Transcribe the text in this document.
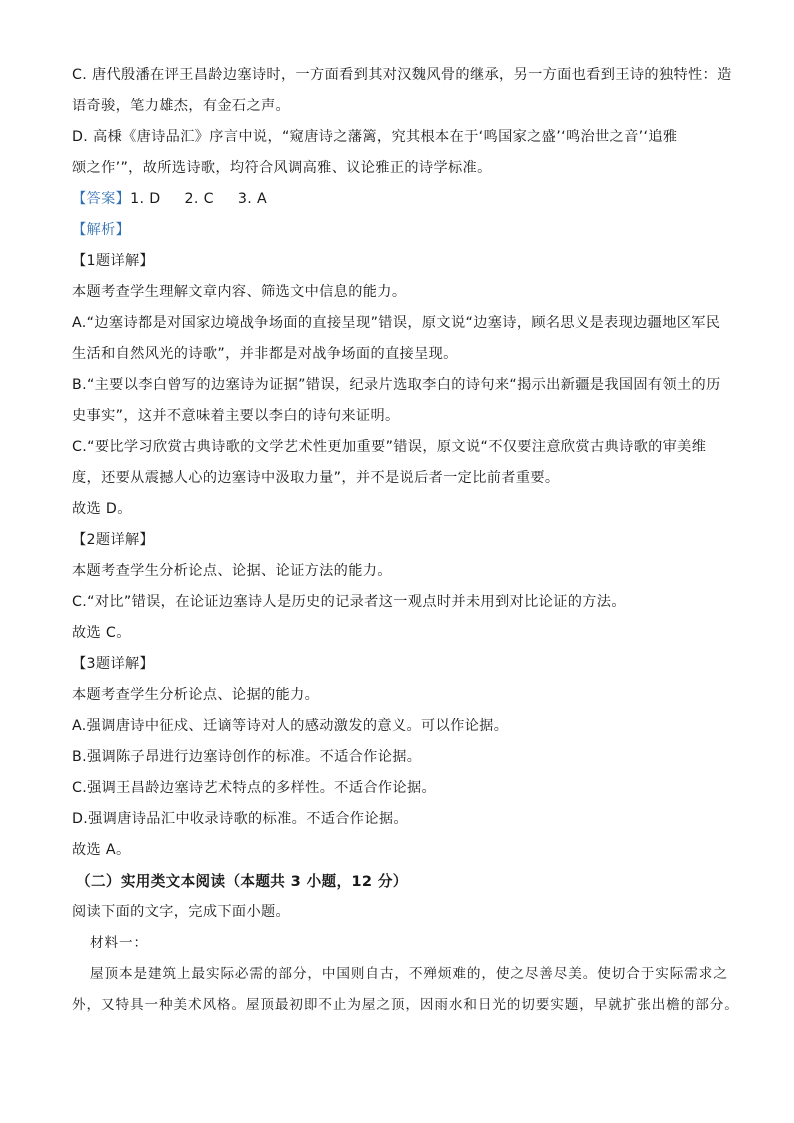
C. 唐代殷潘在评王昌龄边塞诗时，一方面看到其对汉魏风骨的继承，另一方面也看到王诗的独特性：造
语奇骏，笔力雄杰，有金石之声。
D. 高棅《唐诗品汇》序言中说，“窥唐诗之藩篱，究其根本在于‘鸣国家之盛’‘鸣治世之音’‘追雅
颂之作’”，故所选诗歌，均符合风调高雅、议论雅正的诗学标准。
【答案】1. D 2. C 3. A
【解析】
【1题详解】
本题考查学生理解文章内容、筛选文中信息的能力。
A.“边塞诗都是对国家边境战争场面的直接呈现”错误，原文说“边塞诗，顾名思义是表现边疆地区军民
生活和自然风光的诗歌”，并非都是对战争场面的直接呈现。
B.“主要以李白曾写的边塞诗为证据”错误，纪录片选取李白的诗句来“揭示出新疆是我国固有领土的历
史事实”，这并不意味着主要以李白的诗句来证明。
C.“要比学习欣赏古典诗歌的文学艺术性更加重要”错误，原文说“不仅要注意欣赏古典诗歌的审美维
度，还要从震撼人心的边塞诗中汲取力量”，并不是说后者一定比前者重要。
故选 D。
【2题详解】
本题考查学生分析论点、论据、论证方法的能力。
C.“对比”错误，在论证边塞诗人是历史的记录者这一观点时并未用到对比论证的方法。
故选 C。
【3题详解】
本题考查学生分析论点、论据的能力。
A.强调唐诗中征戍、迁谪等诗对人的感动激发的意义。可以作论据。
B.强调陈子昂进行边塞诗创作的标准。不适合作论据。
C.强调王昌龄边塞诗艺术特点的多样性。不适合作论据。
D.强调唐诗品汇中收录诗歌的标准。不适合作论据。
故选 A。
（二）实用类文本阅读（本题共 3 小题，12 分）
阅读下面的文字，完成下面小题。
材料一：
屋顶本是建筑上最实际必需的部分，中国则自古，不殚烦难的，使之尽善尽美。使切合于实际需求之
外，又特具一种美术风格。屋顶最初即不止为屋之顶，因雨水和日光的切要实题，早就扩张出檐的部分。
